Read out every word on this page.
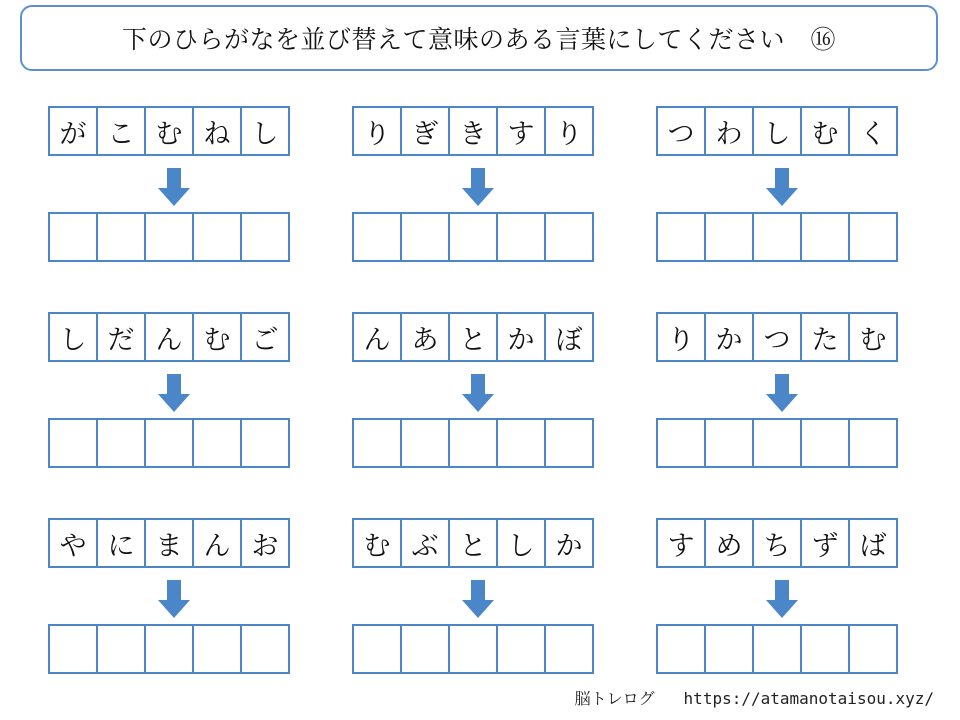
下のひらがなを並び替えて意味のある言葉にしてください　⑯
が こ む ね し	り ぎ き す り	つ わ し む く
し だ ん む ご	ん あ と か ぼ	り か つ た む
や に ま ん お	む ぶ と し か	す め ち ず ば
脳トレログ https://atamanotaisou.xyz/
